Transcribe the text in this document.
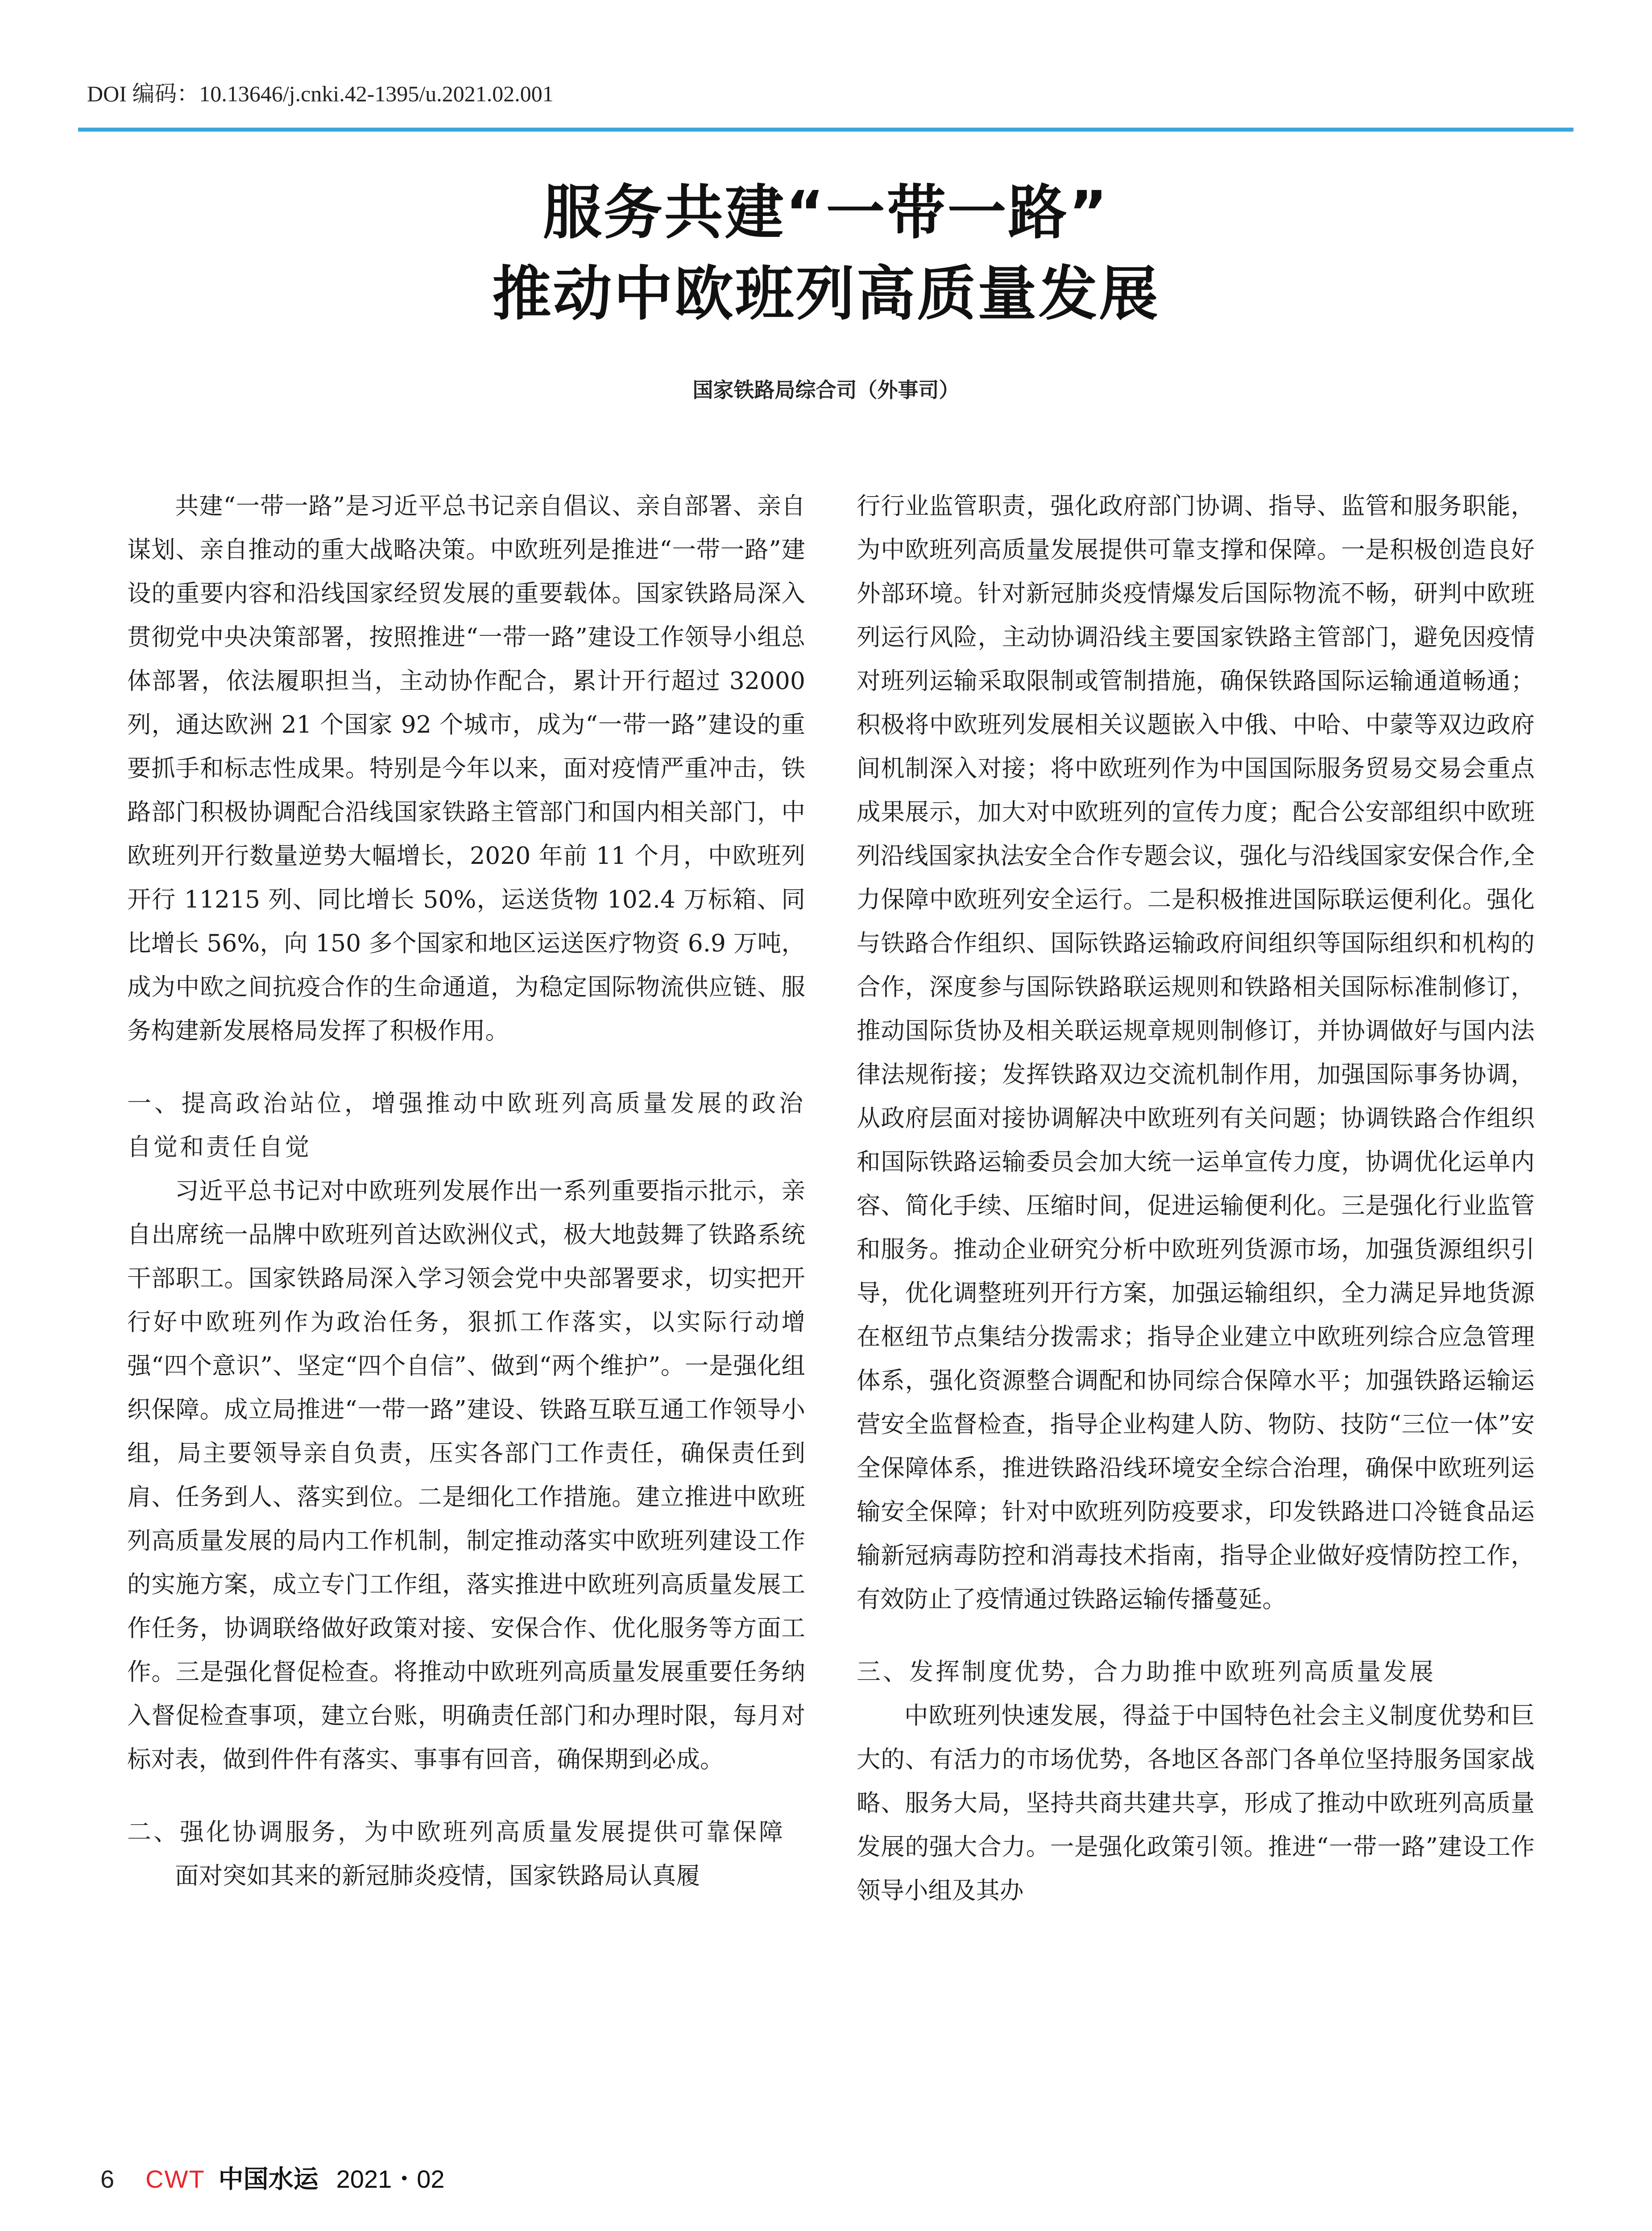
DOI 编码：10.13646/j.cnki.42-1395/u.2021.02.001
服务共建“一带一路”
推动中欧班列高质量发展
国家铁路局综合司（外事司）

共建“一带一路”是习近平总书记亲自倡议、亲自部署、亲自谋划、亲自推动的重大战略决策。中欧班列是推进“一带一路”建设的重要内容和沿线国家经贸发展的重要载体。国家铁路局深入贯彻党中央决策部署，按照推进“一带一路”建设工作领导小组总体部署，依法履职担当，主动协作配合，累计开行超过 32000 列，通达欧洲 21 个国家 92 个城市，成为“一带一路”建设的重要抓手和标志性成果。特别是今年以来，面对疫情严重冲击，铁路部门积极协调配合沿线国家铁路主管部门和国内相关部门，中欧班列开行数量逆势大幅增长，2020 年前 11 个月，中欧班列开行 11215 列、同比增长 50%，运送货物 102.4 万标箱、同比增长 56%，向 150 多个国家和地区运送医疗物资 6.9 万吨，成为中欧之间抗疫合作的生命通道，为稳定国际物流供应链、服务构建新发展格局发挥了积极作用。

一、提高政治站位，增强推动中欧班列高质量发展的政治自觉和责任自觉

习近平总书记对中欧班列发展作出一系列重要指示批示，亲自出席统一品牌中欧班列首达欧洲仪式，极大地鼓舞了铁路系统干部职工。国家铁路局深入学习领会党中央部署要求，切实把开行好中欧班列作为政治任务，狠抓工作落实，以实际行动增强“四个意识”、坚定“四个自信”、做到“两个维护”。一是强化组织保障。成立局推进“一带一路”建设、铁路互联互通工作领导小组，局主要领导亲自负责，压实各部门工作责任，确保责任到肩、任务到人、落实到位。二是细化工作措施。建立推进中欧班列高质量发展的局内工作机制，制定推动落实中欧班列建设工作的实施方案，成立专门工作组，落实推进中欧班列高质量发展工作任务，协调联络做好政策对接、安保合作、优化服务等方面工作。三是强化督促检查。将推动中欧班列高质量发展重要任务纳入督促检查事项，建立台账，明确责任部门和办理时限，每月对标对表，做到件件有落实、事事有回音，确保期到必成。

二、强化协调服务，为中欧班列高质量发展提供可靠保障

面对突如其来的新冠肺炎疫情，国家铁路局认真履

行行业监管职责，强化政府部门协调、指导、监管和服务职能，为中欧班列高质量发展提供可靠支撑和保障。一是积极创造良好外部环境。针对新冠肺炎疫情爆发后国际物流不畅，研判中欧班列运行风险，主动协调沿线主要国家铁路主管部门，避免因疫情对班列运输采取限制或管制措施，确保铁路国际运输通道畅通；积极将中欧班列发展相关议题嵌入中俄、中哈、中蒙等双边政府间机制深入对接；将中欧班列作为中国国际服务贸易交易会重点成果展示，加大对中欧班列的宣传力度；配合公安部组织中欧班列沿线国家执法安全合作专题会议，强化与沿线国家安保合作,全力保障中欧班列安全运行。二是积极推进国际联运便利化。强化与铁路合作组织、国际铁路运输政府间组织等国际组织和机构的合作，深度参与国际铁路联运规则和铁路相关国际标准制修订，推动国际货协及相关联运规章规则制修订，并协调做好与国内法律法规衔接；发挥铁路双边交流机制作用，加强国际事务协调，从政府层面对接协调解决中欧班列有关问题；协调铁路合作组织和国际铁路运输委员会加大统一运单宣传力度，协调优化运单内容、简化手续、压缩时间，促进运输便利化。三是强化行业监管和服务。推动企业研究分析中欧班列货源市场，加强货源组织引导，优化调整班列开行方案，加强运输组织，全力满足异地货源在枢纽节点集结分拨需求；指导企业建立中欧班列综合应急管理体系，强化资源整合调配和协同综合保障水平；加强铁路运输运营安全监督检查，指导企业构建人防、物防、技防“三位一体”安全保障体系，推进铁路沿线环境安全综合治理，确保中欧班列运输安全保障；针对中欧班列防疫要求，印发铁路进口冷链食品运输新冠病毒防控和消毒技术指南，指导企业做好疫情防控工作，有效防止了疫情通过铁路运输传播蔓延。

三、发挥制度优势，合力助推中欧班列高质量发展

中欧班列快速发展，得益于中国特色社会主义制度优势和巨大的、有活力的市场优势，各地区各部门各单位坚持服务国家战略、服务大局，坚持共商共建共享，形成了推动中欧班列高质量发展的强大合力。一是强化政策引领。推进“一带一路”建设工作领导小组及其办

6 CWT 中国水运 2021・02
